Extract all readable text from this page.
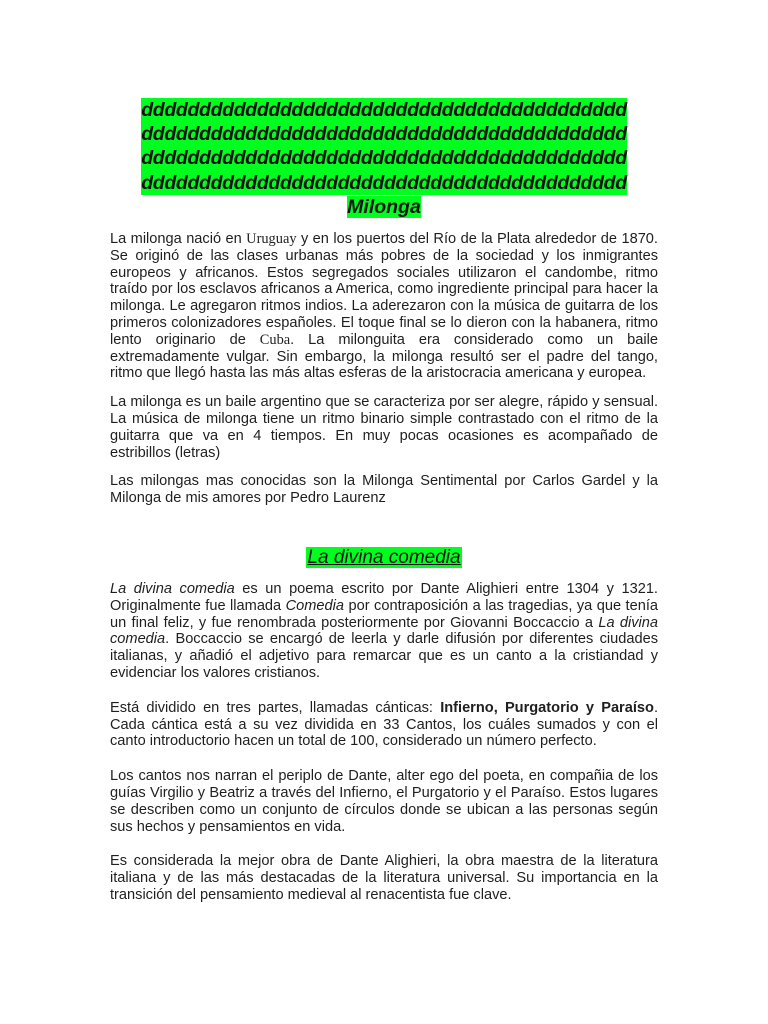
dddddddddddddddddddddddddddddddddddddddddd
dddddddddddddddddddddddddddddddddddddddddd
dddddddddddddddddddddddddddddddddddddddddd
dddddddddddddddddddddddddddddddddddddddddd
Milonga

La milonga nació en Uruguay y en los puertos del Río de la Plata alrededor de 1870. Se originó de las clases urbanas más pobres de la sociedad y los inmigrantes europeos y africanos. Estos segregados sociales utilizaron el candombe, ritmo traído por los esclavos africanos a America, como ingrediente principal para hacer la milonga. Le agregaron ritmos indios. La aderezaron con la música de guitarra de los primeros colonizadores españoles. El toque final se lo dieron con la habanera, ritmo lento originario de Cuba. La milonguita era considerado como un baile extremadamente vulgar. Sin embargo, la milonga resultó ser el padre del tango, ritmo que llegó hasta las más altas esferas de la aristocracia americana y europea.

La milonga es un baile argentino que se caracteriza por ser alegre, rápido y sensual. La música de milonga tiene un ritmo binario simple contrastado con el ritmo de la guitarra que va en 4 tiempos. En muy pocas ocasiones es acompañado de estribillos (letras)

Las milongas mas conocidas son la Milonga Sentimental por Carlos Gardel y la Milonga de mis amores por Pedro Laurenz

La divina comedia

La divina comedia es un poema escrito por Dante Alighieri entre 1304 y 1321. Originalmente fue llamada Comedia por contraposición a las tragedias, ya que tenía un final feliz, y fue renombrada posteriormente por Giovanni Boccaccio a La divina comedia. Boccaccio se encargó de leerla y darle difusión por diferentes ciudades italianas, y añadió el adjetivo para remarcar que es un canto a la cristiandad y evidenciar los valores cristianos.

Está dividido en tres partes, llamadas cánticas: Infierno, Purgatorio y Paraíso. Cada cántica está a su vez dividida en 33 Cantos, los cuáles sumados y con el canto introductorio hacen un total de 100, considerado un número perfecto.

Los cantos nos narran el periplo de Dante, alter ego del poeta, en compañia de los guías Virgilio y Beatriz a través del Infierno, el Purgatorio y el Paraíso. Estos lugares se describen como un conjunto de círculos donde se ubican a las personas según sus hechos y pensamientos en vida.

Es considerada la mejor obra de Dante Alighieri, la obra maestra de la literatura italiana y de las más destacadas de la literatura universal. Su importancia en la transición del pensamiento medieval al renacentista fue clave.
